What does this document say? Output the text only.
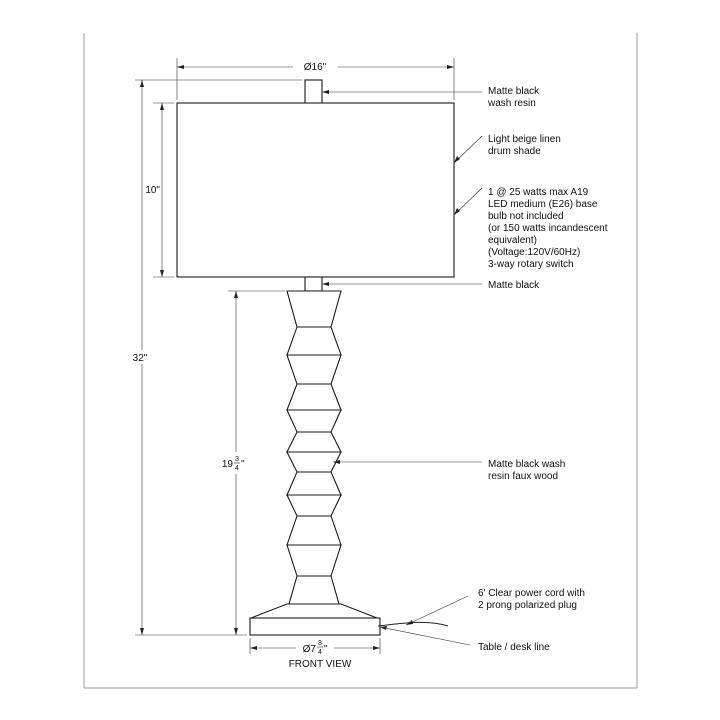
Ø16"
10"
32"
19 3
4 "
Ø7
3
4 "
Matte black wash resin
Light beige linen drum shade
1 @ 25 watts max A19 LED medium (E26) base bulb not included (or 150 watts incandescent equivalent) (Voltage:120V/60Hz) 3-way rotary switch
Matte black
Matte black wash resin faux wood
6' Clear power cord with 2 prong polarized plug
Table / desk line
FRONT VIEW
